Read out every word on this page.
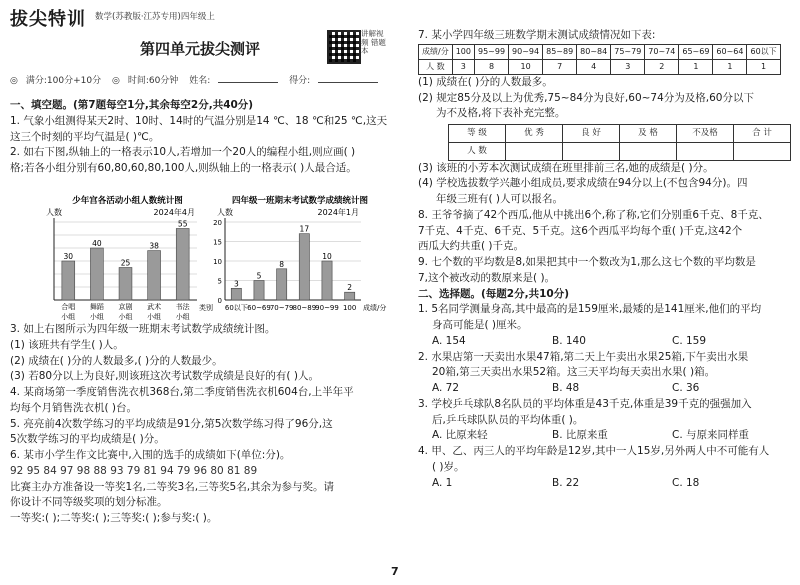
拔尖特训 数学(苏教版·江苏专用)四年级上
讲解视频 错题本
第四单元拔尖测评
◎ 满分:100分+10分 ◎ 时间:60分钟 姓名:	得分:

一、填空题。(第7题每空1分,其余每空2分,共40分)

1. 气象小组测得某天2时、10时、14时的气温分别是14 ℃、18 ℃和25 ℃,这天

这三个时刻的平均气温是( )℃。

2. 如右下图,纵轴上的一格表示10人,若增加一个20人的编程小组,则应画( )

格;若各小组分别有60,80,60,80,100人,则纵轴上的一格表示( )人最合适。

少年宫各活动小组人数统计图
人数	2024年4月
30
合唱
小组
40
舞蹈
小组
25
京剧
小组
38
武术
小组
55
书法
小组
类别
四年级一班期末考试数学成绩统计图
人数	2024年1月
0
5
10
15
20
3
60以下
5
60~69
8
70~79
17
80~89
10
90~99
2
100 成绩/分

3. 如上右图所示为四年级一班期末考试数学成绩统计图。

(1) 该班共有学生( )人。

(2) 成绩在( )分的人数最多,( )分的人数最少。

(3) 若80分以上为良好,则该班这次考试数学成绩是良好的有( )人。

4. 某商场第一季度销售洗衣机368台,第二季度销售洗衣机604台,上半年平

均每个月销售洗衣机( )台。

5. 亮亮前4次数学练习的平均成绩是91分,第5次数学练习得了96分,这

5次数学练习的平均成绩是( )分。

6. 某市小学生作文比赛中,入围的选手的成绩如下(单位:分)。

92 95 84 97 98 88 93 79 81 94 79 96 80 81 89

比赛主办方准备设一等奖1名,二等奖3名,三等奖5名,其余为参与奖。请

你设计不同等级奖项的划分标准。

一等奖:( );二等奖:( );三等奖:( );参与奖:( )。

7. 某小学四年级三班数学期末测试成绩情况如下表:

成绩/分	100	95~99	90~94	85~89	80~84	75~79	70~74	65~69	60~64	60以下
人 数	3	8	10	7	4	3	2	1	1	1

(1) 成绩在( )分的人数最多。

(2) 规定85分及以上为优秀,75~84分为良好,60~74分为及格,60分以下

为不及格,将下表补充完整。

等 级	优 秀	良 好	及 格	不及格	合 计
人 数					

(3) 该班的小芳本次测试成绩在班里排前三名,她的成绩是( )分。

(4) 学校选拔数学兴趣小组成员,要求成绩在94分以上(不包含94分)。四

年级三班有( )人可以报名。

8. 王爷爷摘了42个西瓜,他从中挑出6个,称了称,它们分别重6千克、8千克、

7千克、4千克、6千克、5千克。这6个西瓜平均每个重( )千克,这42个

西瓜大约共重( )千克。

9. 七个数的平均数是8,如果把其中一个数改为1,那么这七个数的平均数是

7,这个被改动的数原来是( )。

二、选择题。(每题2分,共10分)

1. 5名同学测量身高,其中最高的是159厘米,最矮的是141厘米,他们的平均

身高可能是( )厘米。

A. 154	B. 140	C. 159

2. 水果店第一天卖出水果47箱,第二天上午卖出水果25箱,下午卖出水果

20箱,第三天卖出水果52箱。这三天平均每天卖出水果( )箱。

A. 72	B. 48	C. 36

3. 学校乒乓球队8名队员的平均体重是43千克,体重是39千克的强强加入

后,乒乓球队队员的平均体重( )。

A. 比原来轻	B. 比原来重	C. 与原来同样重

4. 甲、乙、丙三人的平均年龄是12岁,其中一人15岁,另外两人中不可能有人

( )岁。

A. 1	B. 22	C. 18

7
